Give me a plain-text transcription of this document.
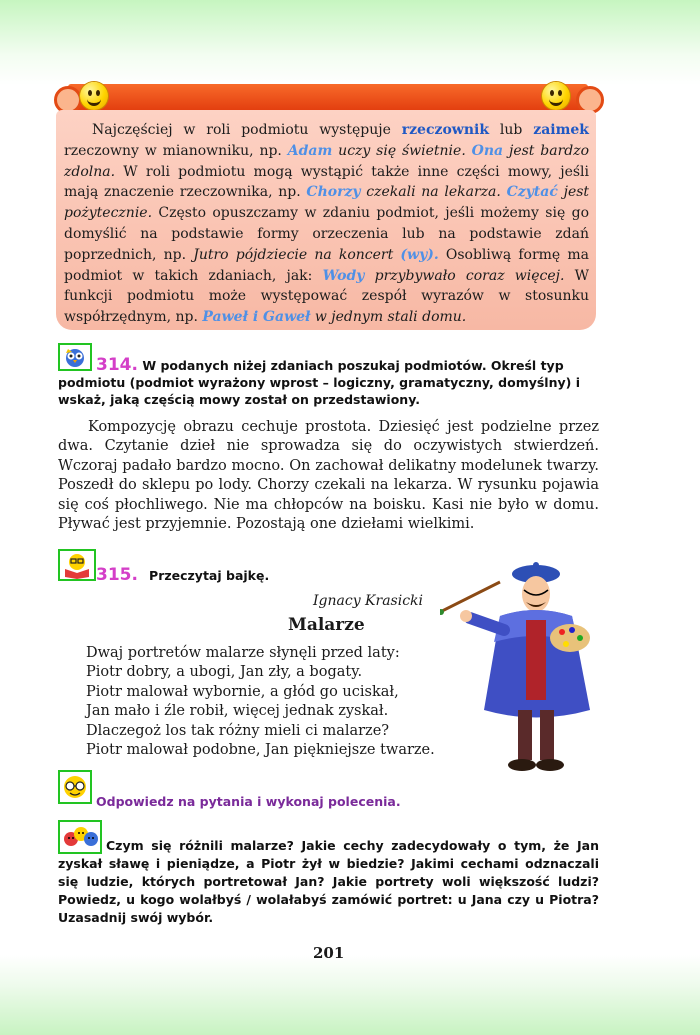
Najczęściej w roli podmiotu występuje rzeczownik lub zaimek rzeczowny w mianowniku, np. Adam uczy się świetnie. Ona jest bardzo zdolna. W roli podmiotu mogą wystąpić także inne części mowy, jeśli mają znaczenie rzeczownika, np. Chorzy czekali na lekarza. Czytać jest pożytecznie. Często opuszczamy w zdaniu podmiot, jeśli możemy się go domyślić na podstawie formy orzeczenia lub na podstawie zdań poprzednich, np. Jutro pójdziecie na koncert (wy). Osobliwą formę ma podmiot w takich zdaniach, jak: Wody przybywało coraz więcej. W funkcji podmiotu może występować zespół wyrazów w stosunku współrzędnym, np. Paweł i Gaweł w jednym stali domu.
314. W podanych niżej zdaniach poszukaj podmiotów. Określ typ podmiotu (podmiot wyrażony wprost – logiczny, gramatyczny, domyślny) i wskaż, jaką częścią mowy został on przedstawiony.
Kompozycję obrazu cechuje prostota. Dziesięć jest podzielne przez dwa. Czytanie dzieł nie sprowadza się do oczywistych stwierdzeń. Wczoraj padało bardzo mocno. On zachował delikatny modelunek twarzy. Poszedł do sklepu po lody. Chorzy czekali na lekarza. W rysunku pojawia się coś płochliwego. Nie ma chłopców na boisku. Kasi nie było w domu. Pływać jest przyjemnie. Pozostają one dziełami wielkimi.
315. Przeczytaj bajkę.
Ignacy Krasicki
Malarze
Dwaj portretów malarze słynęli przed laty:
Piotr dobry, a ubogi, Jan zły, a bogaty.
Piotr malował wybornie, a głód go uciskał,
Jan mało i źle robił, więcej jednak zyskał.
Dlaczegoż los tak różny mieli ci malarze?
Piotr malował podobne, Jan piękniejsze twarze.
Odpowiedz na pytania i wykonaj polecenia.
Czym się różnili malarze? Jakie cechy zadecydowały o tym, że Jan zyskał sławę i pieniądze, a Piotr żył w biedzie? Jakimi cechami odznaczali się ludzie, których portretował Jan? Jakie portrety woli większość ludzi? Powiedz, u kogo wolałbyś / wolałabyś zamówić portret: u Jana czy u Piotra? Uzasadnij swój wybór.
201
